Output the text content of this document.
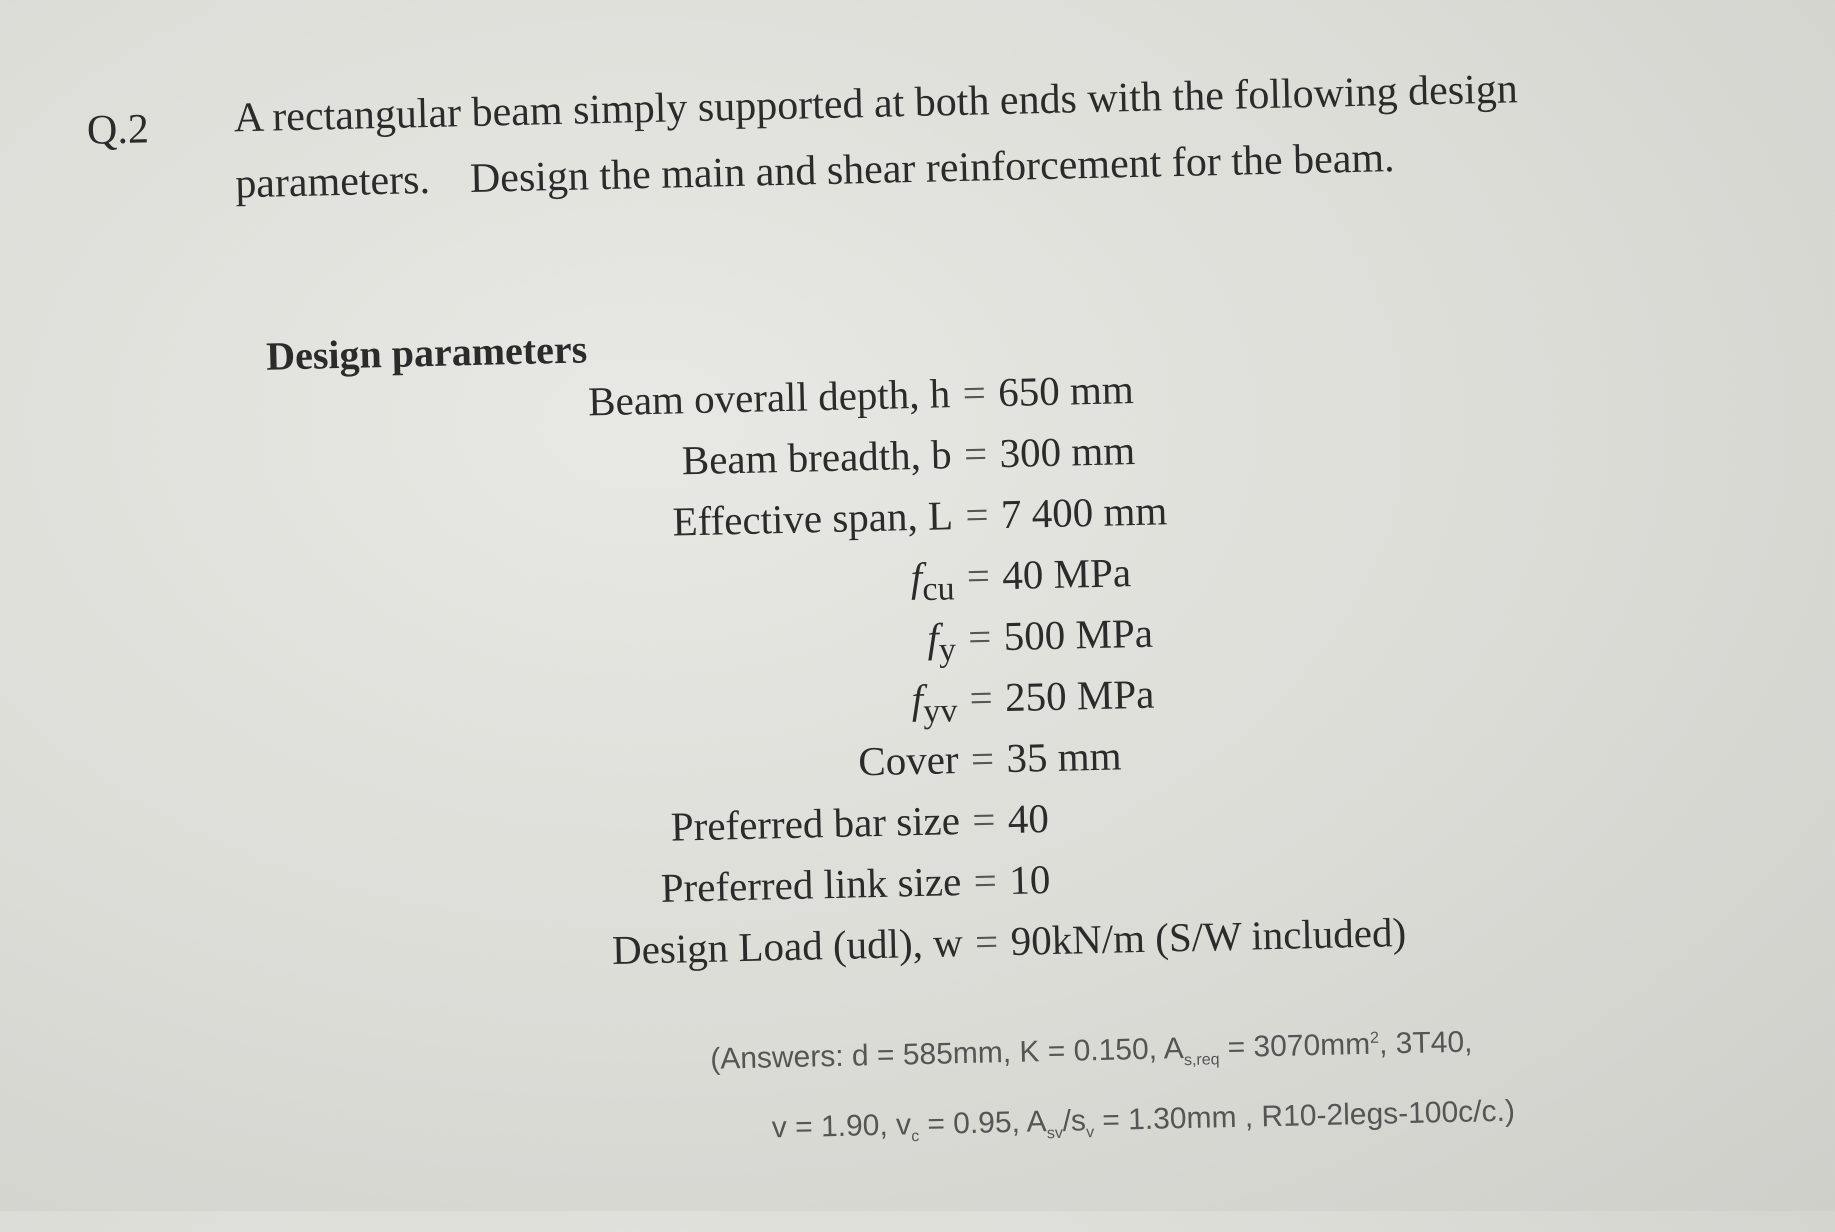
Q.2 A rectangular beam simply supported at both ends with the following design parameters. Design the main and shear reinforcement for the beam.
Design parameters
Beam overall depth, h = 650 mm
Beam breadth, b = 300 mm
Effective span, L = 7 400 mm
$f_{cu} = 40$ MPa
$f_y = 500$ MPa
$f_{yv} = 250$ MPa
Cover = 35 mm
Preferred bar size = 40
Preferred link size = 10
Design Load (udl), w = 90kN/m (S/W included)
(Answers: d = 585mm, K = 0.150, $A_{s,req} = 3070mm^2$, 3T40,
v = 1.90, $v_c = 0.95$, $A_{sv}/s_v = 1.30mm$ , R10-2legs-100c/c.)
